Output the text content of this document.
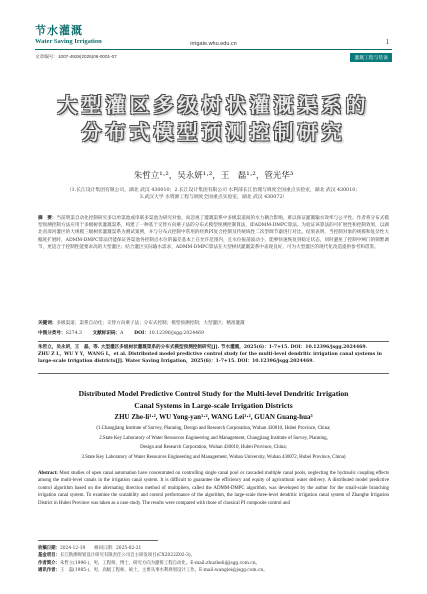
节水灌溉
Water Saving Irrigation	irrigate.whu.edu.cn	1
文章编号：1007-4929(2025)06-0001-07	灌溉工程与装备
大型灌区多级树状灌溉渠系的
分布式模型预测控制研究
朱哲立¹·²，吴永妍¹·²，王　磊¹·²，管光华³
（1.长江设计集团有限公司，湖北 武汉 430010；2.长江设计集团有限公司 水利部长江治理与调度全国重点实验室，湖北 武汉 430010；
3.武汉大学 水资源工程与调度全国重点实验室，湖北 武汉 430072）
摘　要：当前明渠自动化控制研究多以单渠池或串联多渠池为研究对象，而忽视了灌溉渠系中多级渠道间的水力耦合影响，难以保证灌溉输水效率与公平性。作者将分布式模型预测控制方法应用于多级树状灌溉渠系，构建了一种基于交替方向乘子法的分布式模型预测控制算法，即ADMM-DMPC算法。为验证该算法的可扩展性和控制效果，以湖北省漳河灌区的大规模三级树状灌溉渠系为测试案例，并与分布式控制中常用的经典PI复合控制及传统线性二次型调节器进行对比。结果表明，当控制对象的规模和复杂性大幅度扩展时，ADMM-DMPC算法仍能保证各渠池各控制点水位的偏差基本上在允许范围内，且水位振荡波动小，能够快速恢复到稳定状态，同时避免了控制中闸门的频繁调节，更适合于控制性能要求高的大型灌区；结合灌区实际输水需求，ADMM-DMPC算法在大型树状灌溉渠系中表现良好，可为大型灌区的现代化改造提供参考和借鉴。
关键词：多级渠道；渠系自动化；交替方向乘子法；分布式控制；模型预测控制；大型灌区；精准灌溉
中图分类号：S274.3   文献标识码：A   DOI：10.12396/jsgg.2024469
朱哲立，吴永妍，王　磊，等. 大型灌区多级树状灌溉渠系的分布式模型预测控制研究[J]. 节水灌溉，2025(6)：1-7+15. DOI：10.12396/jsgg.2024469.
ZHU Z L，WU Y Y，WANG L，et al. Distributed model predictive control study for the multi-level dendritic irrigation canal systems in large-scale irrigation districts[J]. Water Saving Irrigation，2025(6)：1-7+15. DOI：10.12396/jsgg.2024469.
Distributed Model Predictive Control Study for the Multi-level Dendritic Irrigation
Canal Systems in Large-scale Irrigation Districts
ZHU Zhe-li¹·², WU Yong-yan¹·², WANG Lei¹·², GUAN Guang-hua³
(1.Changjiang Institute of Survey, Planning, Design and Research Corporation, Wuhan 430010, Hubei Province, China;
2.State Key Laboratory of Water Resources Engineering and Management, Changjiang Institute of Survey, Planning,
Design and Research Corporation, Wuhan 430010, Hubei Province, China;
3.State Key Laboratory of Water Resources Engineering and Management, Wuhan University, Wuhan 430072, Hubei Province, China)
Abstract: Most studies of open canal automation have concentrated on controlling single canal pool or cascaded multiple canal pools, neglecting the hydraulic coupling effects among the multi-level canals in the irrigation canal system. It is difficult to guarantee the efficiency and equity of agricultural water delivery. A distributed model predictive control algorithm based on the alternating direction method of multipliers, called the ADMM-DMPC algorithm, was developed by the author for the small-scale branching irrigation canal system. To examine the scalability and control performance of the algorithm, the large-scale three-level dendritic irrigation canal system of Zhanghe Irrigation District in Hubei Province was taken as a case study. The results were compared with those of classical PI composite control and
收稿日期：2024-12-19　　修回日期：2025-02-21
基金项目：长江勘测规划设计研究有限责任公司自主研发项目(CX2022Z02-3)。
作者简介：朱哲立(1996-)，男，工程师，博士，研究方向为灌排工程自动化。E-mail:zhuzheli@jsgg.com.cn。
通讯作者：王　磊(1985-)，男，高级工程师，硕士，主要从事水利规划设计工作。E-mail:wanglei@jsgg.com.cn。
